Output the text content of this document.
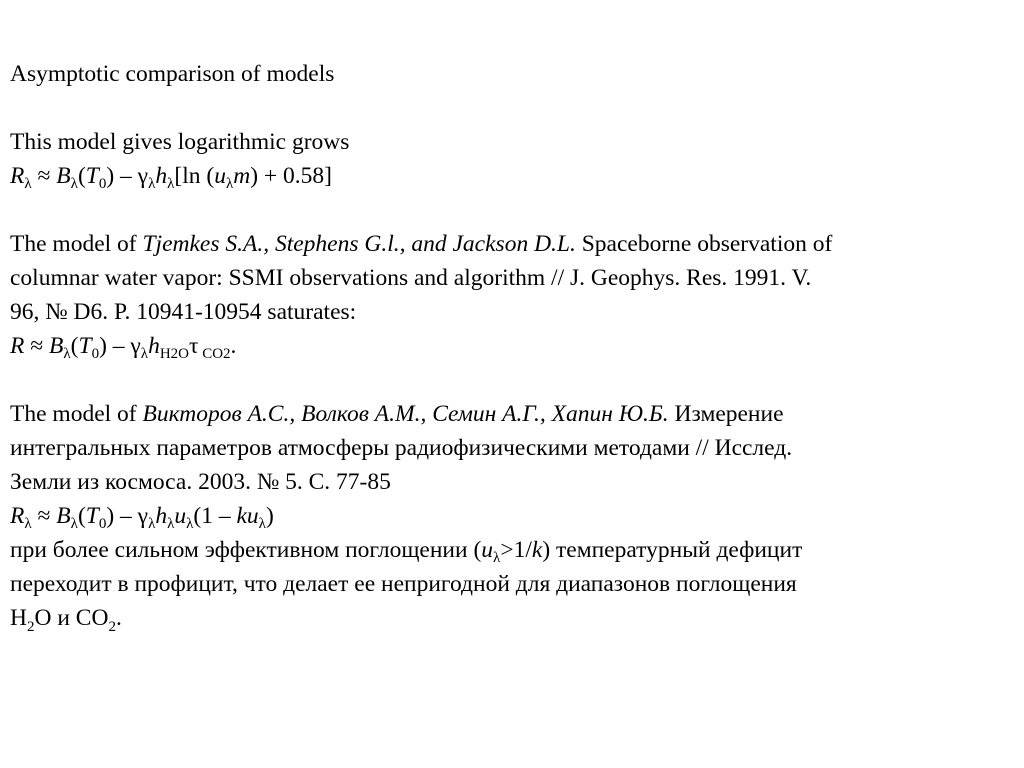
Asymptotic comparison of models
This model gives logarithmic grows
$R_\lambda \approx B_\lambda(T_0) - \gamma_\lambda h_\lambda[\ln$ $(u_\lambda m) + 0.58$]
The model of Tjemkes S.A., Stephens G.l., and Jackson D.L. Spaceborne observation of
columnar water vapor: SSMI observations and algorithm // J. Geophys. Res. 1991. V.
96, № D6. P. 10941-10954 saturates:
$R \approx B_\lambda(T_0) - \gamma_\lambda h_{H2O}\tau$ $_{CO2}$.
The model of Викторов А.С., Волков А.М., Семин А.Г., Хапин Ю.Б. Измерение
интегральных параметров атмосферы радиофизическими методами // Исслед.
Земли из космоса. 2003. № 5. С. 77-85
$R_\lambda \approx B_\lambda(T_0) - \gamma_\lambda h_\lambda u_\lambda(1 - ku_\lambda)$
при более сильном эффективном поглощении $(u_\lambda>1/k)$ температурный дефицит
переходит в профицит, что делает ее непригодной для диапазонов поглощения
$H_2O$ и $CO_2$.
